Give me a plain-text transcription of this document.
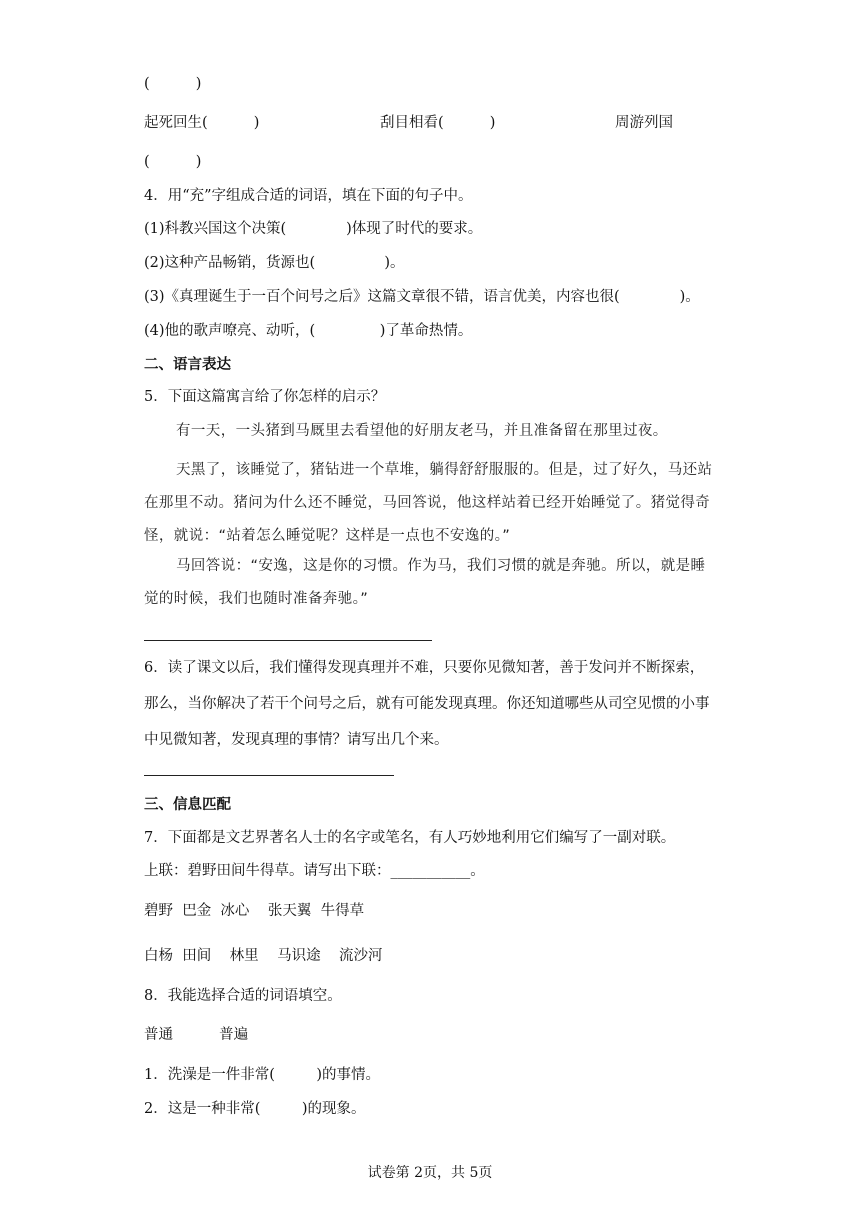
(          )
起死回生(          )	刮目相看(          )	周游列国
(          )
4．用“充”字组成合适的词语，填在下面的句子中。
(1)科教兴国这个决策(             )体现了时代的要求。
(2)这种产品畅销，货源也(               )。
(3)《真理诞生于一百个问号之后》这篇文章很不错，语言优美，内容也很(             )。
(4)他的歌声嘹亮、动听，(              )了革命热情。
二、语言表达
5．下面这篇寓言给了你怎样的启示？
有一天，一头猪到马厩里去看望他的好朋友老马，并且准备留在那里过夜。
天黑了，该睡觉了，猪钻进一个草堆，躺得舒舒服服的。但是，过了好久，马还站在那里不动。猪问为什么还不睡觉，马回答说，他这样站着已经开始睡觉了。猪觉得奇怪，就说：“站着怎么睡觉呢？这样是一点也不安逸的。”
马回答说：“安逸，这是你的习惯。作为马，我们习惯的就是奔驰。所以，就是睡觉的时候，我们也随时准备奔驰。”
6．读了课文以后，我们懂得发现真理并不难，只要你见微知著，善于发问并不断探索，那么，当你解决了若干个问号之后，就有可能发现真理。你还知道哪些从司空见惯的小事中见微知著，发现真理的事情？请写出几个来。
三、信息匹配
7．下面都是文艺界著名人士的名字或笔名，有人巧妙地利用它们编写了一副对联。
上联：碧野田间牛得草。请写出下联：___________。
碧野  巴金  冰心    张天翼  牛得草
白杨  田间    林里    马识途    流沙河
8．我能选择合适的词语填空。
普通          普遍
1．洗澡是一件非常(         )的事情。
2．这是一种非常(         )的现象。
试卷第 2页，共 5页
